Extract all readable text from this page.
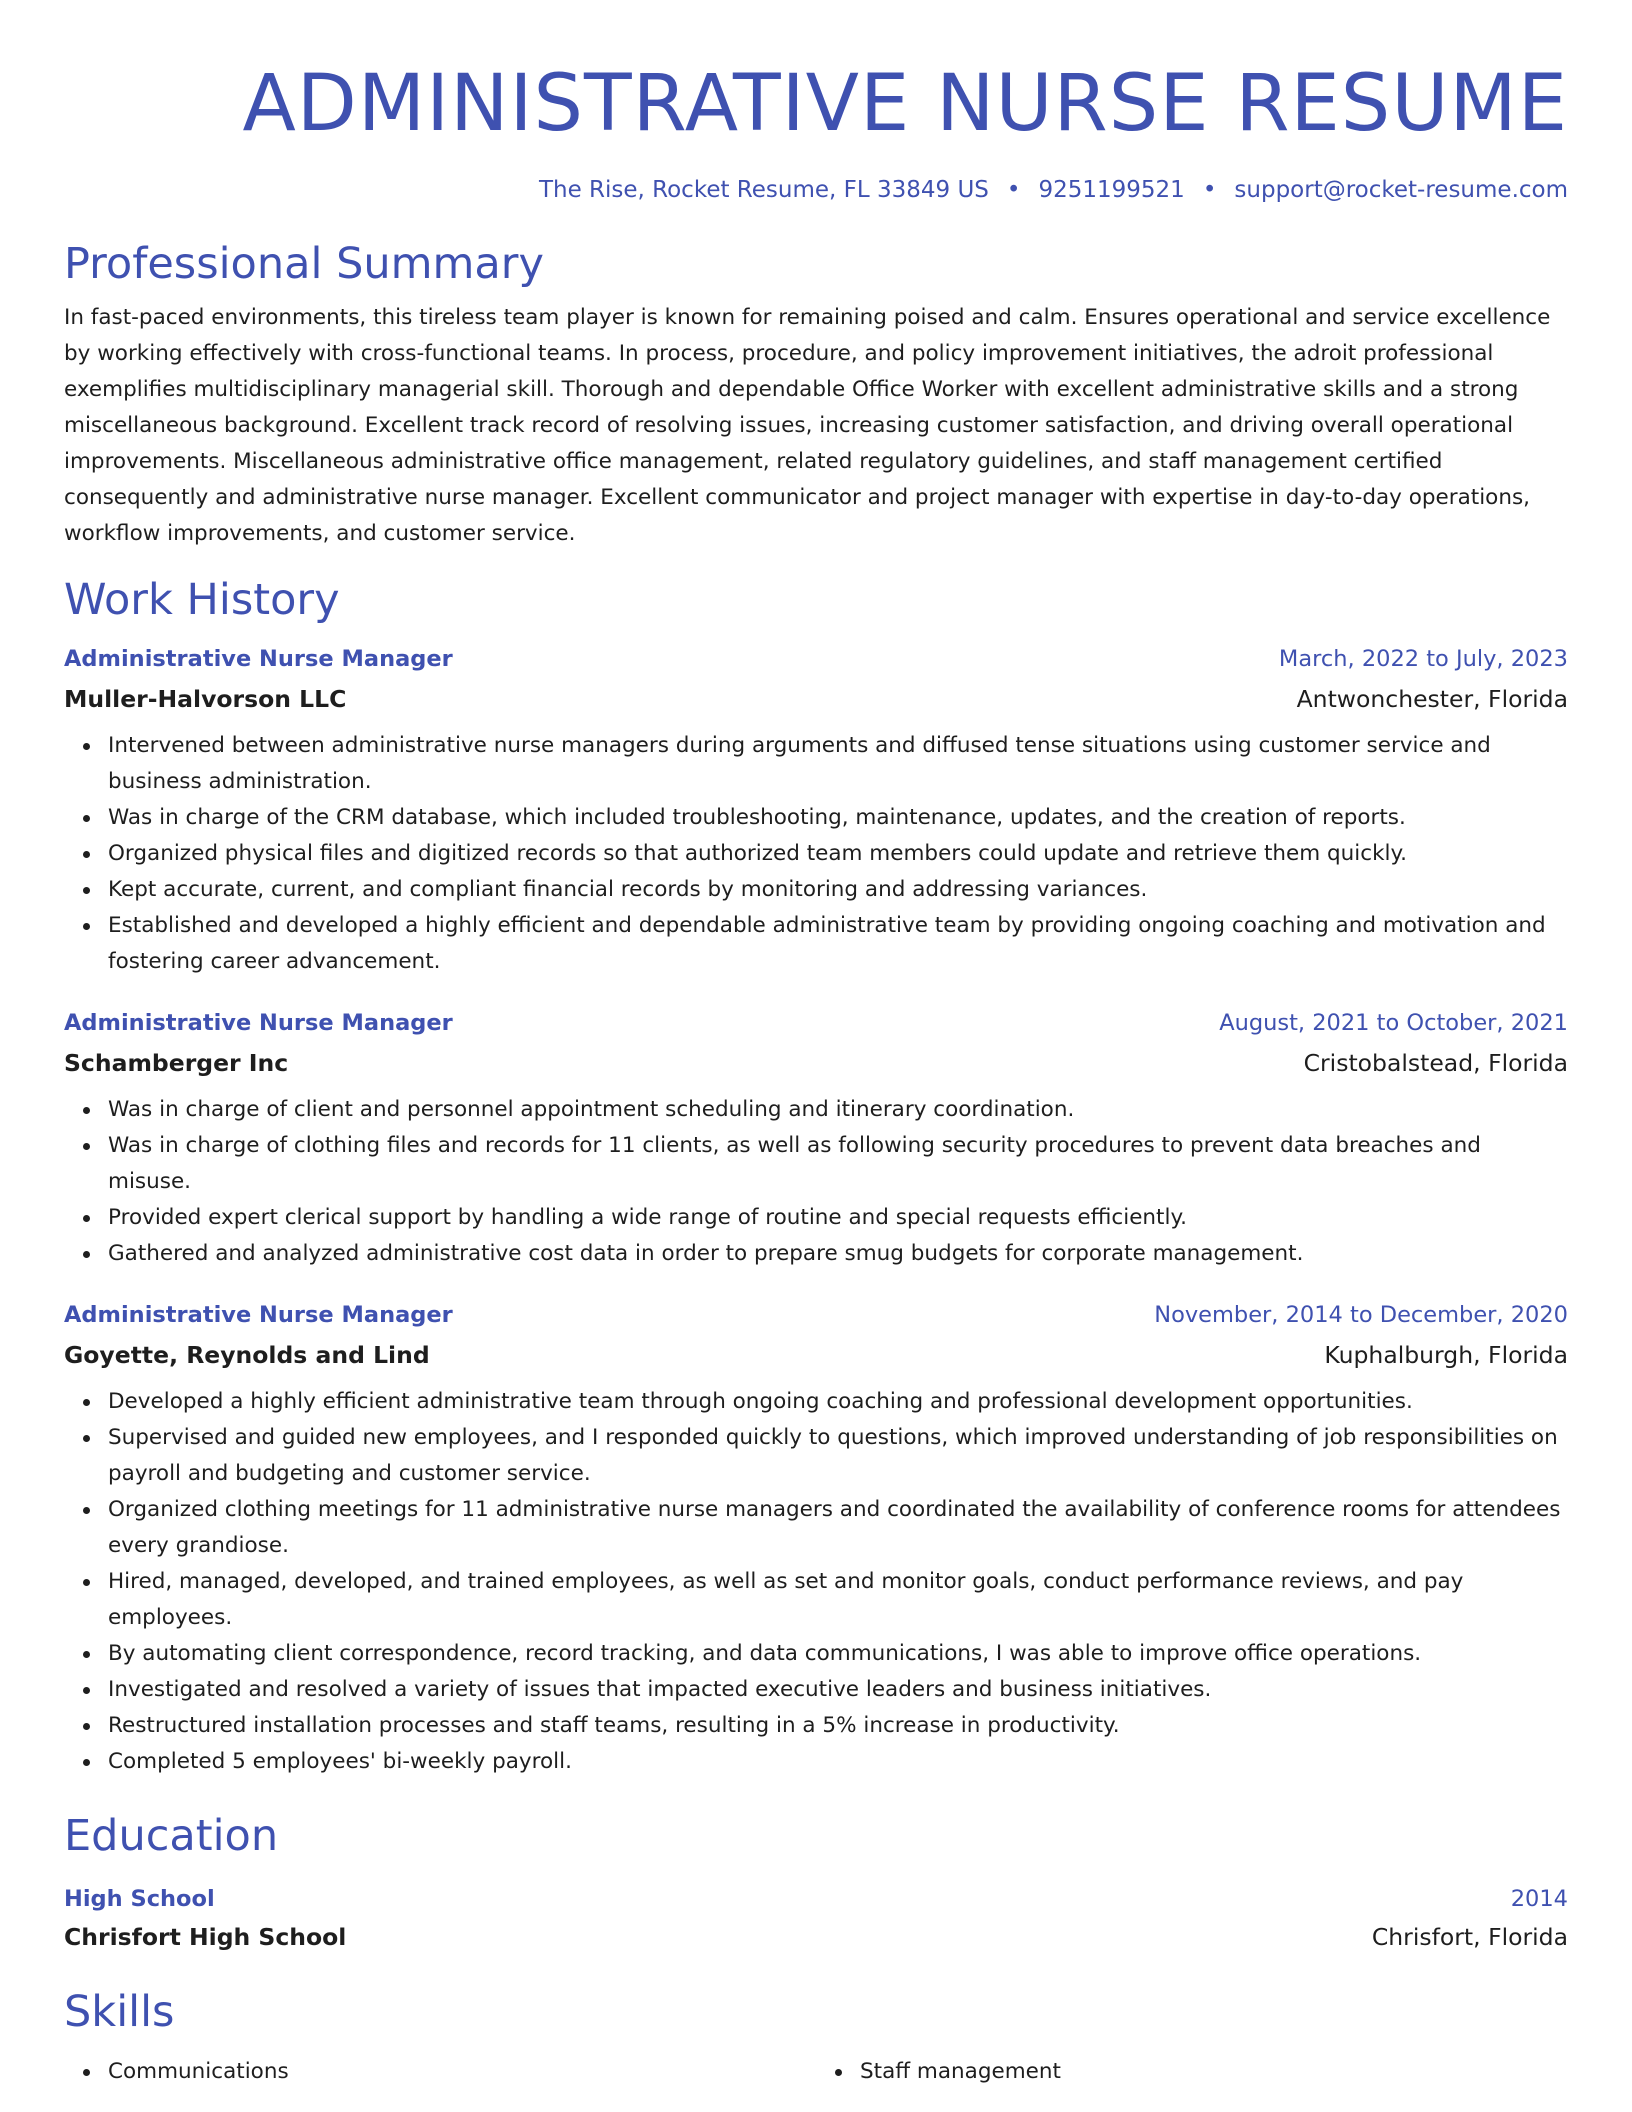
ADMINISTRATIVE NURSE RESUME
The Rise, Rocket Resume, FL 33849 US • 9251199521 • support@rocket-resume.com
Professional Summary

In fast-paced environments, this tireless team player is known for remaining poised and calm. Ensures operational and service excellence by working effectively with cross-functional teams. In process, procedure, and policy improvement initiatives, the adroit professional exemplifies multidisciplinary managerial skill. Thorough and dependable Office Worker with excellent administrative skills and a strong miscellaneous background. Excellent track record of resolving issues, increasing customer satisfaction, and driving overall operational improvements. Miscellaneous administrative office management, related regulatory guidelines, and staff management certified consequently and administrative nurse manager. Excellent communicator and project manager with expertise in day-to-day operations, workflow improvements, and customer service.

Work History
Administrative Nurse Manager	March, 2022 to July, 2023
Muller-Halvorson LLC	Antwonchester, Florida
Intervened between administrative nurse managers during arguments and diffused tense situations using customer service and business administration.
Was in charge of the CRM database, which included troubleshooting, maintenance, updates, and the creation of reports.
Organized physical files and digitized records so that authorized team members could update and retrieve them quickly.
Kept accurate, current, and compliant financial records by monitoring and addressing variances.
Established and developed a highly efficient and dependable administrative team by providing ongoing coaching and motivation and fostering career advancement.
Administrative Nurse Manager	August, 2021 to October, 2021
Schamberger Inc	Cristobalstead, Florida
Was in charge of client and personnel appointment scheduling and itinerary coordination.
Was in charge of clothing files and records for 11 clients, as well as following security procedures to prevent data breaches and misuse.
Provided expert clerical support by handling a wide range of routine and special requests efficiently.
Gathered and analyzed administrative cost data in order to prepare smug budgets for corporate management.
Administrative Nurse Manager	November, 2014 to December, 2020
Goyette, Reynolds and Lind	Kuphalburgh, Florida
Developed a highly efficient administrative team through ongoing coaching and professional development opportunities.
Supervised and guided new employees, and I responded quickly to questions, which improved understanding of job responsibilities on payroll and budgeting and customer service.
Organized clothing meetings for 11 administrative nurse managers and coordinated the availability of conference rooms for attendees every grandiose.
Hired, managed, developed, and trained employees, as well as set and monitor goals, conduct performance reviews, and pay employees.
By automating client correspondence, record tracking, and data communications, I was able to improve office operations.
Investigated and resolved a variety of issues that impacted executive leaders and business initiatives.
Restructured installation processes and staff teams, resulting in a 5% increase in productivity.
Completed 5 employees' bi-weekly payroll.
Education
High School	2014
Chrisfort High School	Chrisfort, Florida
Skills
Communications	Staff management
